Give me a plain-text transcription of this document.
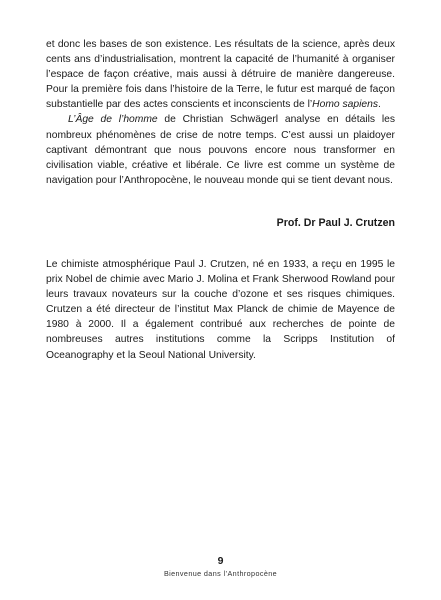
et donc les bases de son existence. Les résultats de la science, après deux cents ans d’industrialisation, montrent la capacité de l’humanité à organiser l’espace de façon créative, mais aussi à détruire de manière dangereuse. Pour la première fois dans l’histoire de la Terre, le futur est marqué de façon substantielle par des actes conscients et inconscients de l’Homo sapiens.

L’Âge de l’homme de Christian Schwägerl analyse en détails les nombreux phénomènes de crise de notre temps. C’est aussi un plaidoyer captivant démontrant que nous pouvons encore nous transformer en civilisation viable, créative et libérale. Ce livre est comme un système de navigation pour l’Anthropocène, le nouveau monde qui se tient devant nous.

Prof. Dr Paul J. Crutzen

Le chimiste atmosphérique Paul J. Crutzen, né en 1933, a reçu en 1995 le prix Nobel de chimie avec Mario J. Molina et Frank Sherwood Rowland pour leurs travaux novateurs sur la couche d’ozone et ses risques chimiques. Crutzen a été directeur de l’institut Max Planck de chimie de Mayence de 1980 à 2000. Il a également contribué aux recherches de pointe de nombreuses autres institutions comme la Scripps Institution of Oceanography et la Seoul National University.

9
Bienvenue dans l’Anthropocène
